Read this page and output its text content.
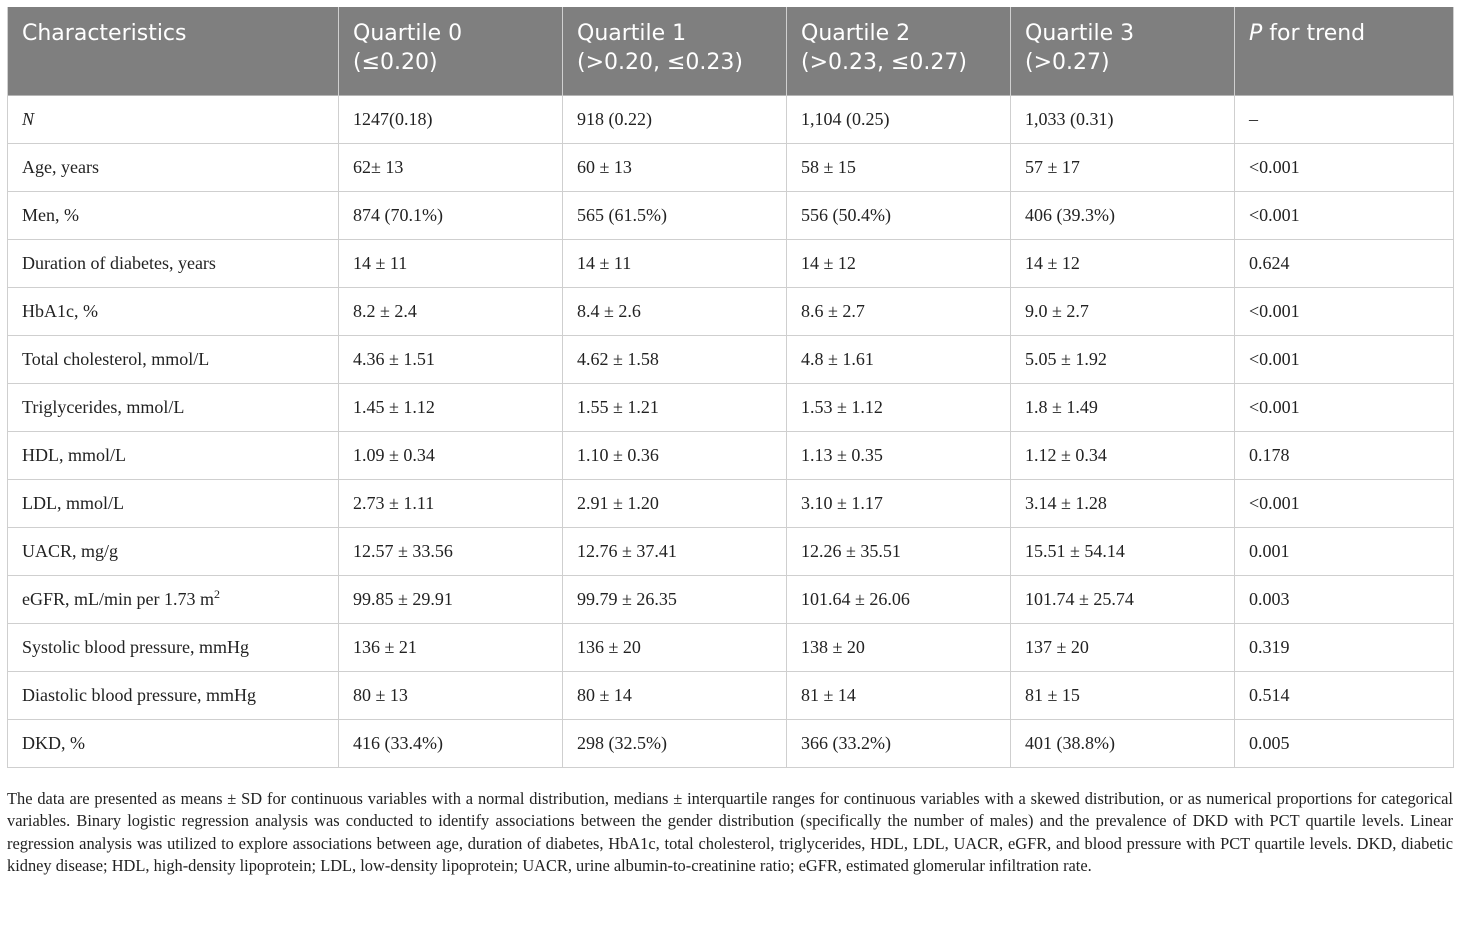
Characteristics	Quartile 0 (≤0.20)	Quartile 1 (>0.20, ≤0.23)	Quartile 2 (>0.23, ≤0.27)	Quartile 3 (>0.27)	P for trend
N	1247(0.18)	918 (0.22)	1,104 (0.25)	1,033 (0.31)	–
Age, years	62± 13	60 ± 13	58 ± 15	57 ± 17	<0.001
Men, %	874 (70.1%)	565 (61.5%)	556 (50.4%)	406 (39.3%)	<0.001
Duration of diabetes, years	14 ± 11	14 ± 11	14 ± 12	14 ± 12	0.624
HbA1c, %	8.2 ± 2.4	8.4 ± 2.6	8.6 ± 2.7	9.0 ± 2.7	<0.001
Total cholesterol, mmol/L	4.36 ± 1.51	4.62 ± 1.58	4.8 ± 1.61	5.05 ± 1.92	<0.001
Triglycerides, mmol/L	1.45 ± 1.12	1.55 ± 1.21	1.53 ± 1.12	1.8 ± 1.49	<0.001
HDL, mmol/L	1.09 ± 0.34	1.10 ± 0.36	1.13 ± 0.35	1.12 ± 0.34	0.178
LDL, mmol/L	2.73 ± 1.11	2.91 ± 1.20	3.10 ± 1.17	3.14 ± 1.28	<0.001
UACR, mg/g	12.57 ± 33.56	12.76 ± 37.41	12.26 ± 35.51	15.51 ± 54.14	0.001
eGFR, mL/min per 1.73 $m^2$	99.85 ± 29.91	99.79 ± 26.35	101.64 ± 26.06	101.74 ± 25.74	0.003
Systolic blood pressure, mmHg	136 ± 21	136 ± 20	138 ± 20	137 ± 20	0.319
Diastolic blood pressure, mmHg	80 ± 13	80 ± 14	81 ± 14	81 ± 15	0.514
DKD, %	416 (33.4%)	298 (32.5%)	366 (33.2%)	401 (38.8%)	0.005

The data are presented as means ± SD for continuous variables with a normal distribution, medians ± interquartile ranges for continuous variables with a skewed distribution, or as numerical proportions for categorical variables. Binary logistic regression analysis was conducted to identify associations between the gender distribution (specifically the number of males) and the prevalence of DKD with PCT quartile levels. Linear regression analysis was utilized to explore associations between age, duration of diabetes, HbA1c, total cholesterol, triglycerides, HDL, LDL, UACR, eGFR, and blood pressure with PCT quartile levels. DKD, diabetic kidney disease; HDL, high-density lipoprotein; LDL, low-density lipoprotein; UACR, urine albumin-to-creatinine ratio; eGFR, estimated glomerular infiltration rate.
